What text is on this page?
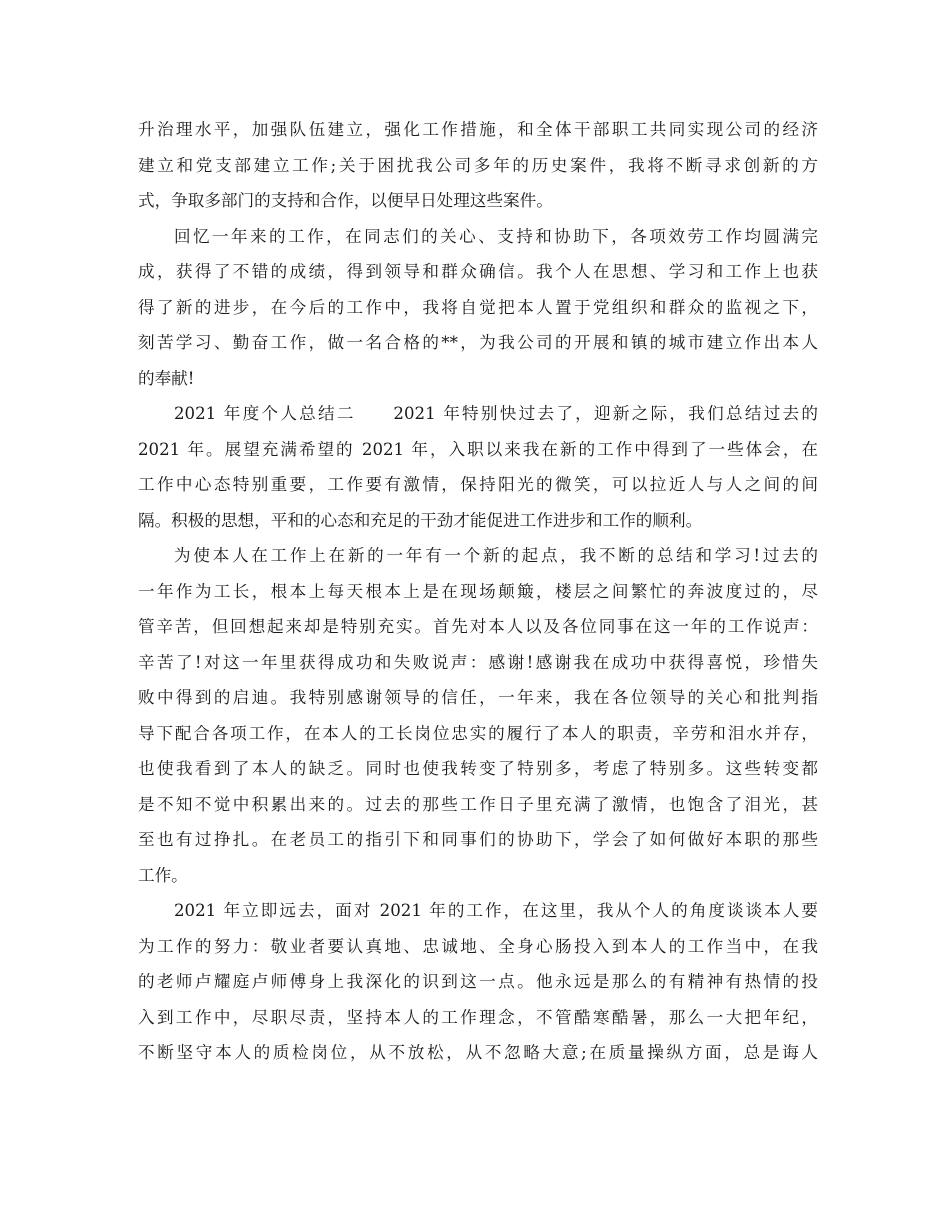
升治理水平，加强队伍建立，强化工作措施，和全体干部职工共同实现公司的经济
建立和党支部建立工作;关于困扰我公司多年的历史案件，我将不断寻求创新的方
式，争取多部门的支持和合作，以便早日处理这些案件。
回忆一年来的工作，在同志们的关心、支持和协助下，各项效劳工作均圆满完
成，获得了不错的成绩，得到领导和群众确信。我个人在思想、学习和工作上也获
得了新的进步，在今后的工作中，我将自觉把本人置于党组织和群众的监视之下，
刻苦学习、勤奋工作，做一名合格的**，为我公司的开展和镇的城市建立作出本人
的奉献!
2021 年度个人总结二　　2021 年特别快过去了，迎新之际，我们总结过去的
2021 年。展望充满希望的 2021 年，入职以来我在新的工作中得到了一些体会，在
工作中心态特别重要，工作要有激情，保持阳光的微笑，可以拉近人与人之间的间
隔。积极的思想，平和的心态和充足的干劲才能促进工作进步和工作的顺利。
为使本人在工作上在新的一年有一个新的起点，我不断的总结和学习!过去的
一年作为工长，根本上每天根本上是在现场颠簸，楼层之间繁忙的奔波度过的，尽
管辛苦，但回想起来却是特别充实。首先对本人以及各位同事在这一年的工作说声：
辛苦了!对这一年里获得成功和失败说声：感谢!感谢我在成功中获得喜悦，珍惜失
败中得到的启迪。我特别感谢领导的信任，一年来，我在各位领导的关心和批判指
导下配合各项工作，在本人的工长岗位忠实的履行了本人的职责，辛劳和泪水并存，
也使我看到了本人的缺乏。同时也使我转变了特别多，考虑了特别多。这些转变都
是不知不觉中积累出来的。过去的那些工作日子里充满了激情，也饱含了泪光，甚
至也有过挣扎。在老员工的指引下和同事们的协助下，学会了如何做好本职的那些
工作。
2021 年立即远去，面对 2021 年的工作，在这里，我从个人的角度谈谈本人要
为工作的努力：敬业者要认真地、忠诚地、全身心肠投入到本人的工作当中，在我
的老师卢耀庭卢师傅身上我深化的识到这一点。他永远是那么的有精神有热情的投
入到工作中，尽职尽责，坚持本人的工作理念，不管酷寒酷暑，那么一大把年纪，
不断坚守本人的质检岗位，从不放松，从不忽略大意;在质量操纵方面，总是诲人
